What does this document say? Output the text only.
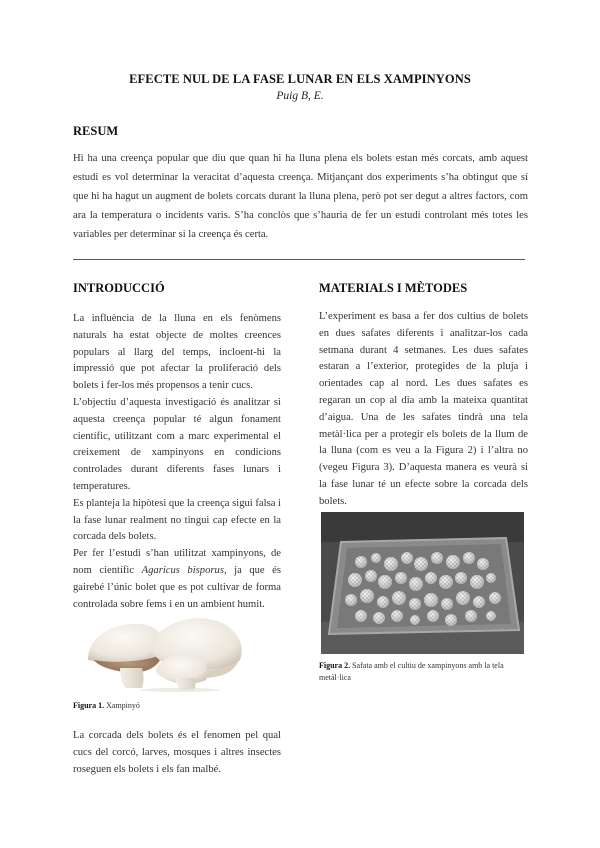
EFECTE NUL DE LA FASE LUNAR EN ELS XAMPINYONS
Puig B, E.
RESUM

Hi ha una creença popular que diu que quan hi ha lluna plena els bolets estan més corcats, amb aquest estudi es vol determinar la veracitat d’aquesta creença. Mitjançant dos experiments s’ha obtingut que sí que hi ha hagut un augment de bolets corcats durant la lluna plena, però pot ser degut a altres factors, com ara la temperatura o incidents varis. S’ha conclòs que s’hauria de fer un estudi controlant més totes les variables per determinar si la creença és certa.

INTRODUCCIÓ	MATERIALS I MÈTODES

La influència de la lluna en els fenòmens naturals ha estat objecte de moltes creences populars al llarg del temps, incloent-hi la impressió que pot afectar la proliferació dels bolets i fer-los més propensos a tenir cucs.

L’objectiu d’aquesta investigació és analitzar si aquesta creença popular té algun fonament científic, utilitzant com a marc experimental el creixement de xampinyons en condicions controlades durant diferents fases lunars i temperatures.

Es planteja la hipòtesi que la creença sigui falsa i la fase lunar realment no tingui cap efecte en la corcada dels bolets.

Per fer l’estudi s’han utilitzat xampinyons, de nom científic Agaricus bisporus, ja que és gairebé l’únic bolet que es pot cultivar de forma controlada sobre fems i en un ambient humit.

Figura 1. Xampinyó

La corcada dels bolets és el fenomen pel qual cucs del corcó, larves, mosques i altres insectes roseguen els bolets i els fan malbé.

L’experiment es basa a fer dos cultius de bolets en dues safates diferents i analitzar-los cada setmana durant 4 setmanes. Les dues safates estaran a l’exterior, protegides de la pluja i orientades cap al nord. Les dues safates es regaran un cop al dia amb la mateixa quantitat d’aigua. Una de les safates tindrà una tela metàl·lica per a protegir els bolets de la llum de la lluna (com es veu a la Figura 2) i l’altra no (vegeu Figura 3). D’aquesta manera es veurà si la fase lunar té un efecte sobre la corcada dels bolets.

Figura 2. Safata amb el cultiu de xampinyons amb la tela metàl·lica
